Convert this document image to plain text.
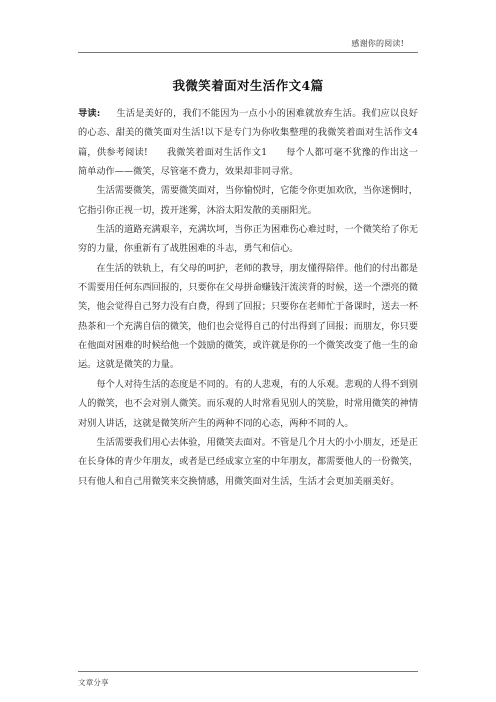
感谢你的阅读!
我微笑着面对生活作文4篇

导读: 生活是美好的，我们不能因为一点小小的困难就放弃生活。我们应以良好的心态、甜美的微笑面对生活!以下是专门为你收集整理的我微笑着面对生活作文4篇，供参考阅读!　　我微笑着面对生活作文1　　每个人都可毫不犹豫的作出这一简单动作——微笑，尽管毫不费力，效果却非同寻常。

生活需要微笑，需要微笑面对，当你愉悦时，它能令你更加欢欣，当你迷惘时，它指引你正视一切，拨开迷雾，沐浴太阳发散的美丽阳光。

生活的道路充满艰辛，充满坎坷，当你正为困难伤心难过时，一个微笑给了你无穷的力量，你重新有了战胜困难的斗志，勇气和信心。

在生活的铁轨上，有父母的呵护，老师的教导，朋友懂得陪伴。他们的付出都是不需要用任何东西回报的，只要你在父母拼命赚钱汗流浃背的时候，送一个漂亮的微笑，他会觉得自己努力没有白费，得到了回报；只要你在老师忙于备课时，送去一杯热茶和一个充满自信的微笑，他们也会觉得自己的付出得到了回报；而朋友，你只要在他面对困难的时候给他一个鼓励的微笑，或许就是你的一个微笑改变了他一生的命运。这就是微笑的力量。

每个人对待生活的态度是不同的。有的人悲观，有的人乐观。悲观的人得不到别人的微笑，也不会对别人微笑。而乐观的人时常看见别人的笑脸，时常用微笑的神情对别人讲话，这就是微笑所产生的两种不同的心态，两种不同的人。

生活需要我们用心去体验，用微笑去面对。不管是几个月大的小小朋友，还是正在长身体的青少年朋友，或者是已经成家立室的中年朋友，都需要他人的一份微笑，只有他人和自己用微笑来交换情感，用微笑面对生活，生活才会更加美丽美好。

文章分享
